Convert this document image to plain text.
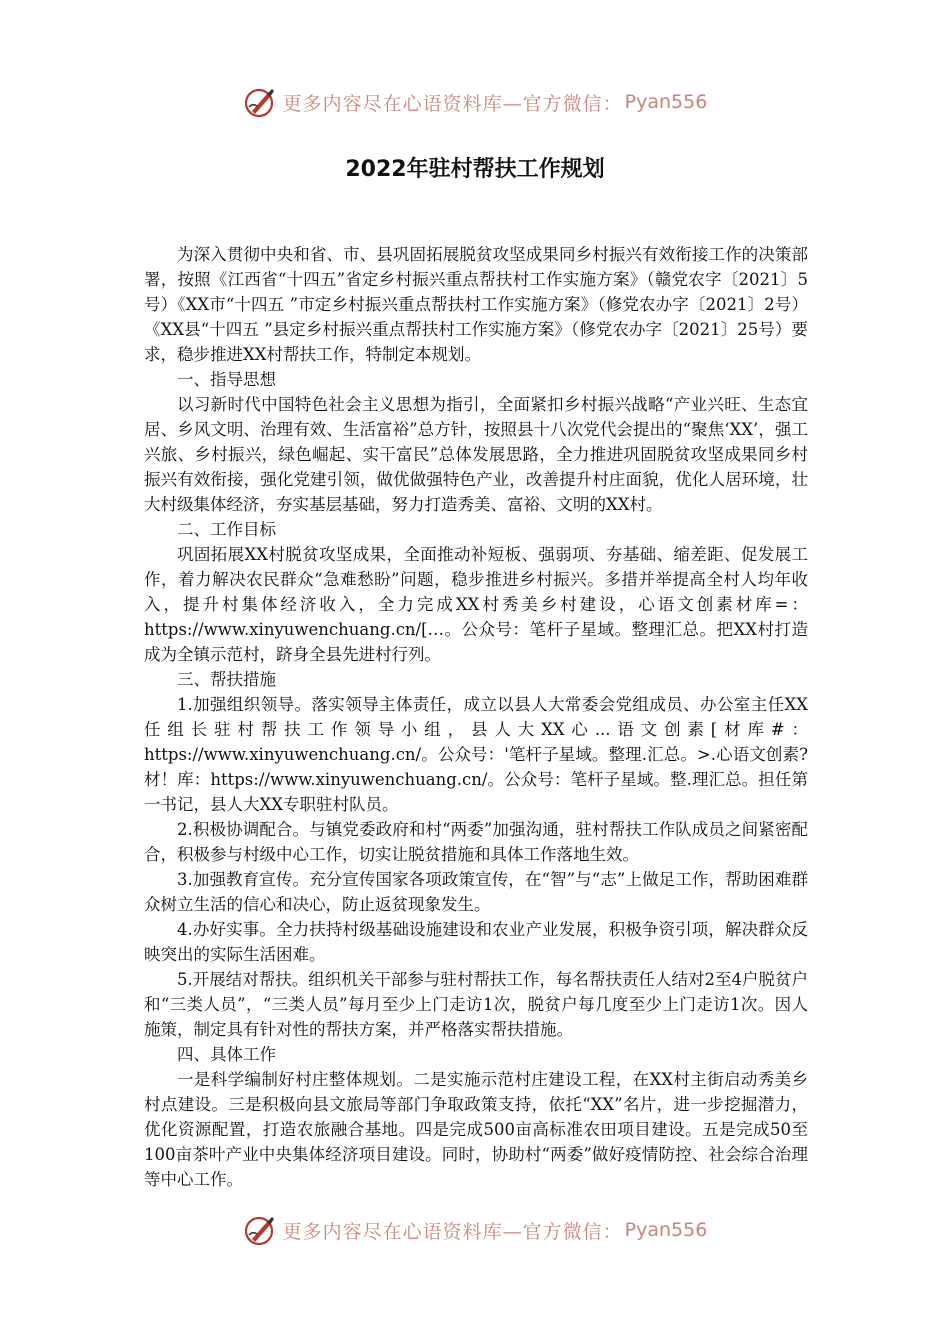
更多内容尽在心语资料库—官方微信： Pyan556
2022年驻村帮扶工作规划

为深入贯彻中央和省、市、县巩固拓展脱贫攻坚成果同乡村振兴有效衔接工作的决策部署，按照《江西省“十四五”省定乡村振兴重点帮扶村工作实施方案》（赣党农字〔2021〕5号）《XX市“十四五 ”市定乡村振兴重点帮扶村工作实施方案》（修党农办字〔2021〕2号）《XX县“十四五 ”县定乡村振兴重点帮扶村工作实施方案》（修党农办字〔2021〕25号）要求，稳步推进XX村帮扶工作，特制定本规划。

一、指导思想

以习新时代中国特色社会主义思想为指引，全面紧扣乡村振兴战略“产业兴旺、生态宜居、乡风文明、治理有效、生活富裕”总方针，按照县十八次党代会提出的“聚焦‘XX’，强工兴旅、乡村振兴，绿色崛起、实干富民”总体发展思路，全力推进巩固脱贫攻坚成果同乡村振兴有效衔接，强化党建引领，做优做强特色产业，改善提升村庄面貌，优化人居环境，壮大村级集体经济，夯实基层基础，努力打造秀美、富裕、文明的XX村。

二、工作目标

巩固拓展XX村脱贫攻坚成果，全面推动补短板、强弱项、夯基础、缩差距、促发展工作，着力解决农民群众“急难愁盼”问题，稳步推进乡村振兴。多措并举提高全村人均年收入，提升村集体经济收入，全力完成XX村秀美乡村建设，心语文创素材库=：https://www.xinyuwenchuang.cn/[…。公众号：笔杆子星域。整理汇总。把XX村打造成为全镇示范村，跻身全县先进村行列。

三、帮扶措施

1.加强组织领导。落实领导主体责任，成立以县人大常委会党组成员、办公室主任XX任组长驻村帮扶工作领导小组，县人大XX心...语文创素[材库#：https://www.xinyuwenchuang.cn/。公众号：'笔杆子星域。整理.汇总。>.心语文创素?材！库：https://www.xinyuwenchuang.cn/。公众号：笔杆子星域。整.理汇总。担任第一书记，县人大XX专职驻村队员。

2.积极协调配合。与镇党委政府和村“两委”加强沟通，驻村帮扶工作队成员之间紧密配合，积极参与村级中心工作，切实让脱贫措施和具体工作落地生效。

3.加强教育宣传。充分宣传国家各项政策宣传，在“智”与“志”上做足工作，帮助困难群众树立生活的信心和决心，防止返贫现象发生。

4.办好实事。全力扶持村级基础设施建设和农业产业发展，积极争资引项，解决群众反映突出的实际生活困难。

5.开展结对帮扶。组织机关干部参与驻村帮扶工作，每名帮扶责任人结对2至4户脱贫户和“三类人员”，“三类人员”每月至少上门走访1次，脱贫户每几度至少上门走访1次。因人施策，制定具有针对性的帮扶方案，并严格落实帮扶措施。

四、具体工作

一是科学编制好村庄整体规划。二是实施示范村庄建设工程，在XX村主街启动秀美乡村点建设。三是积极向县文旅局等部门争取政策支持，依托“XX”名片，进一步挖掘潜力，优化资源配置，打造农旅融合基地。四是完成500亩高标准农田项目建设。五是完成50至100亩茶叶产业中央集体经济项目建设。同时，协助村“两委”做好疫情防控、社会综合治理等中心工作。

更多内容尽在心语资料库—官方微信： Pyan556
